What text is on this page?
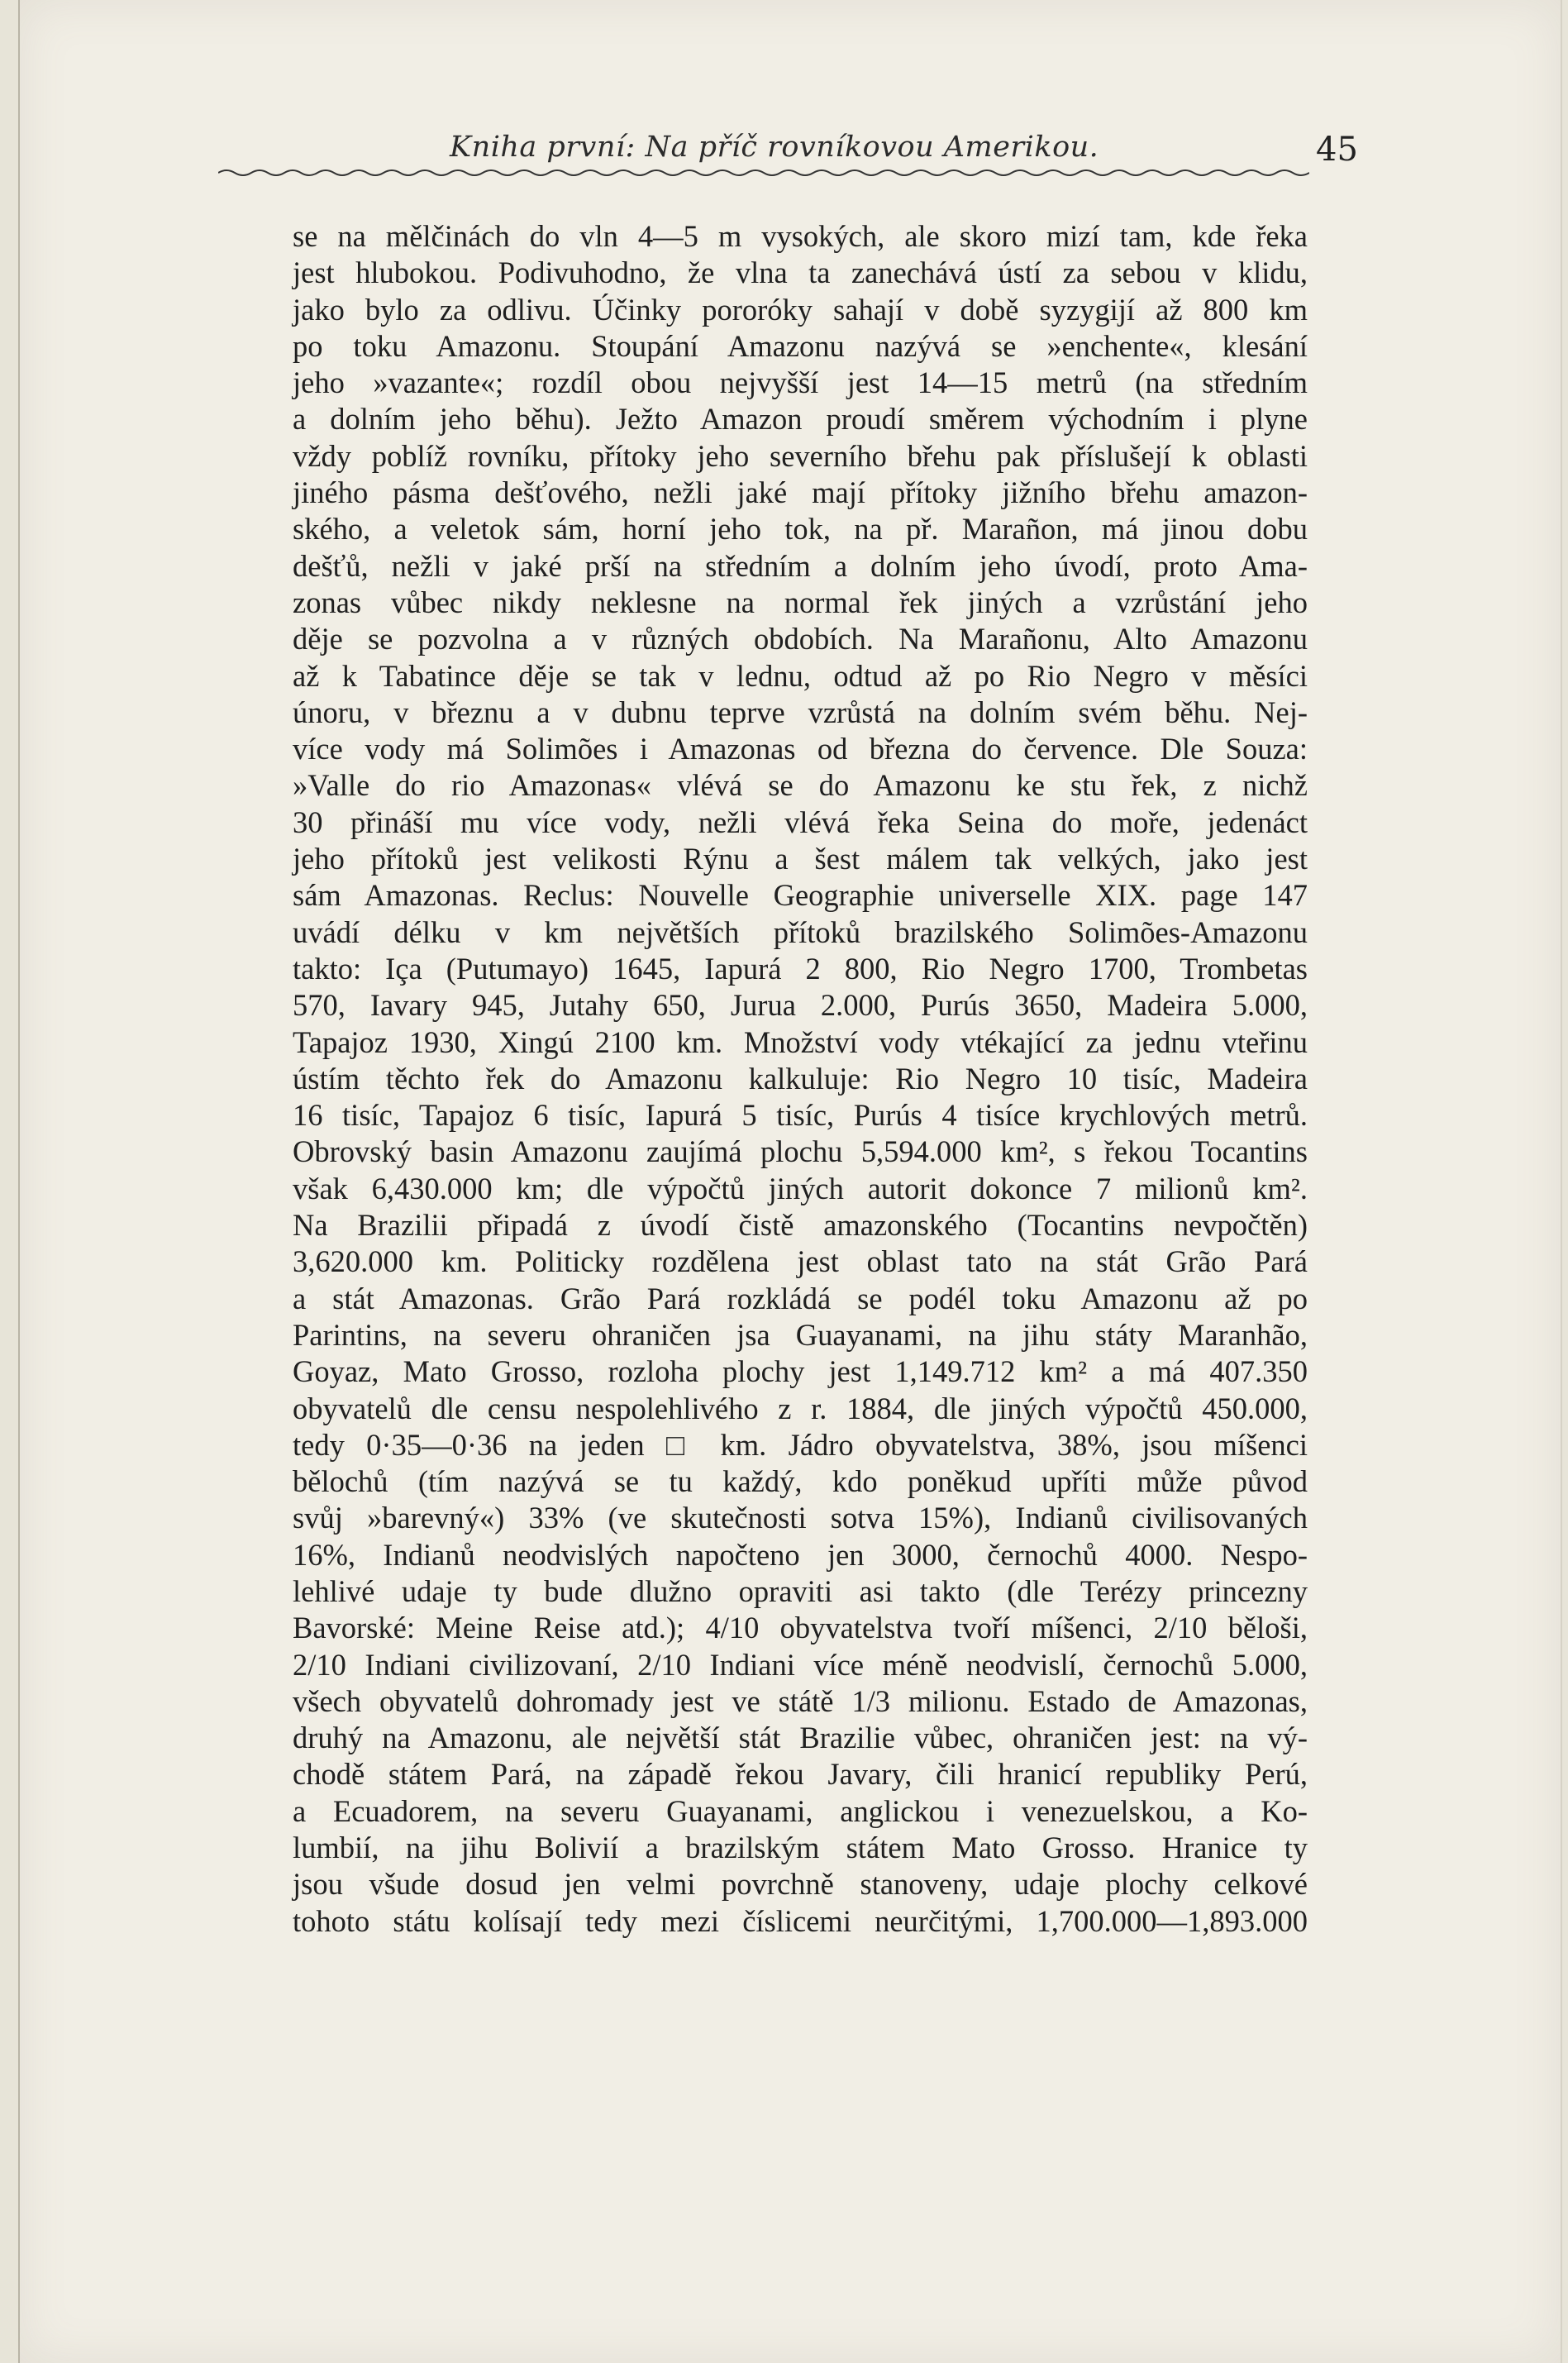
Kniha první: Na příč rovníkovou Amerikou.	45
se na mělčinách do vln 4—5 m vysokých, ale skoro mizí tam, kde řeka
jest hlubokou. Podivuhodno, že vlna ta zanechává ústí za sebou v klidu,
jako bylo za odlivu. Účinky pororóky sahají v době syzygijí až 800 km
po toku Amazonu. Stoupání Amazonu nazývá se »enchente«, klesání
jeho »vazante«; rozdíl obou nejvyšší jest 14—15 metrů (na středním
a dolním jeho běhu). Ježto Amazon proudí směrem východním i plyne
vždy poblíž rovníku, přítoky jeho severního břehu pak příslušejí k oblasti
jiného pásma dešťového, nežli jaké mají přítoky jižního břehu amazon-
ského, a veletok sám, horní jeho tok, na př. Marañon, má jinou dobu
dešťů, nežli v jaké prší na středním a dolním jeho úvodí, proto Ama-
zonas vůbec nikdy neklesne na normal řek jiných a vzrůstání jeho
děje se pozvolna a v různých obdobích. Na Marañonu, Alto Amazonu
až k Tabatince děje se tak v lednu, odtud až po Rio Negro v měsíci
únoru, v březnu a v dubnu teprve vzrůstá na dolním svém běhu. Nej-
více vody má Solimões i Amazonas od března do července. Dle Souza:
»Valle do rio Amazonas« vlévá se do Amazonu ke stu řek, z nichž
30 přináší mu více vody, nežli vlévá řeka Seina do moře, jedenáct
jeho přítoků jest velikosti Rýnu a šest málem tak velkých, jako jest
sám Amazonas. Reclus: Nouvelle Geographie universelle XIX. page 147
uvádí délku v km největších přítoků brazilského Solimões-Amazonu
takto: Iça (Putumayo) 1645, Iapurá 2 800, Rio Negro 1700, Trombetas
570, Iavary 945, Jutahy 650, Jurua 2.000, Purús 3650, Madeira 5.000,
Tapajoz 1930, Xingú 2100 km. Množství vody vtékající za jednu vteřinu
ústím těchto řek do Amazonu kalkuluje: Rio Negro 10 tisíc, Madeira
16 tisíc, Tapajoz 6 tisíc, Iapurá 5 tisíc, Purús 4 tisíce krychlových metrů.
Obrovský basin Amazonu zaujímá plochu 5,594.000 km², s řekou Tocantins
však 6,430.000 km; dle výpočtů jiných autorit dokonce 7 milionů km².
Na Brazilii připadá z úvodí čistě amazonského (Tocantins nevpočtěn)
3,620.000 km. Politicky rozdělena jest oblast tato na stát Grão Pará
a stát Amazonas. Grão Pará rozkládá se podél toku Amazonu až po
Parintins, na severu ohraničen jsa Guayanami, na jihu státy Maranhão,
Goyaz, Mato Grosso, rozloha plochy jest 1,149.712 km² a má 407.350
obyvatelů dle censu nespolehlivého z r. 1884, dle jiných výpočtů 450.000,
tedy 0·35—0·36 na jeden □ km. Jádro obyvatelstva, 38%, jsou míšenci
bělochů (tím nazývá se tu každý, kdo poněkud upříti může původ
svůj »barevný«) 33% (ve skutečnosti sotva 15%), Indianů civilisovaných
16%, Indianů neodvislých napočteno jen 3000, černochů 4000. Nespo-
lehlivé udaje ty bude dlužno opraviti asi takto (dle Terézy princezny
Bavorské: Meine Reise atd.); 4/10 obyvatelstva tvoří míšenci, 2/10 běloši,
2/10 Indiani civilizovaní, 2/10 Indiani více méně neodvislí, černochů 5.000,
všech obyvatelů dohromady jest ve státě 1/3 milionu. Estado de Amazonas,
druhý na Amazonu, ale největší stát Brazilie vůbec, ohraničen jest: na vý-
chodě státem Pará, na západě řekou Javary, čili hranicí republiky Perú,
a Ecuadorem, na severu Guayanami, anglickou i venezuelskou, a Ko-
lumbií, na jihu Bolivií a brazilským státem Mato Grosso. Hranice ty
jsou všude dosud jen velmi povrchně stanoveny, udaje plochy celkové
tohoto státu kolísají tedy mezi číslicemi neurčitými, 1,700.000—1,893.000
